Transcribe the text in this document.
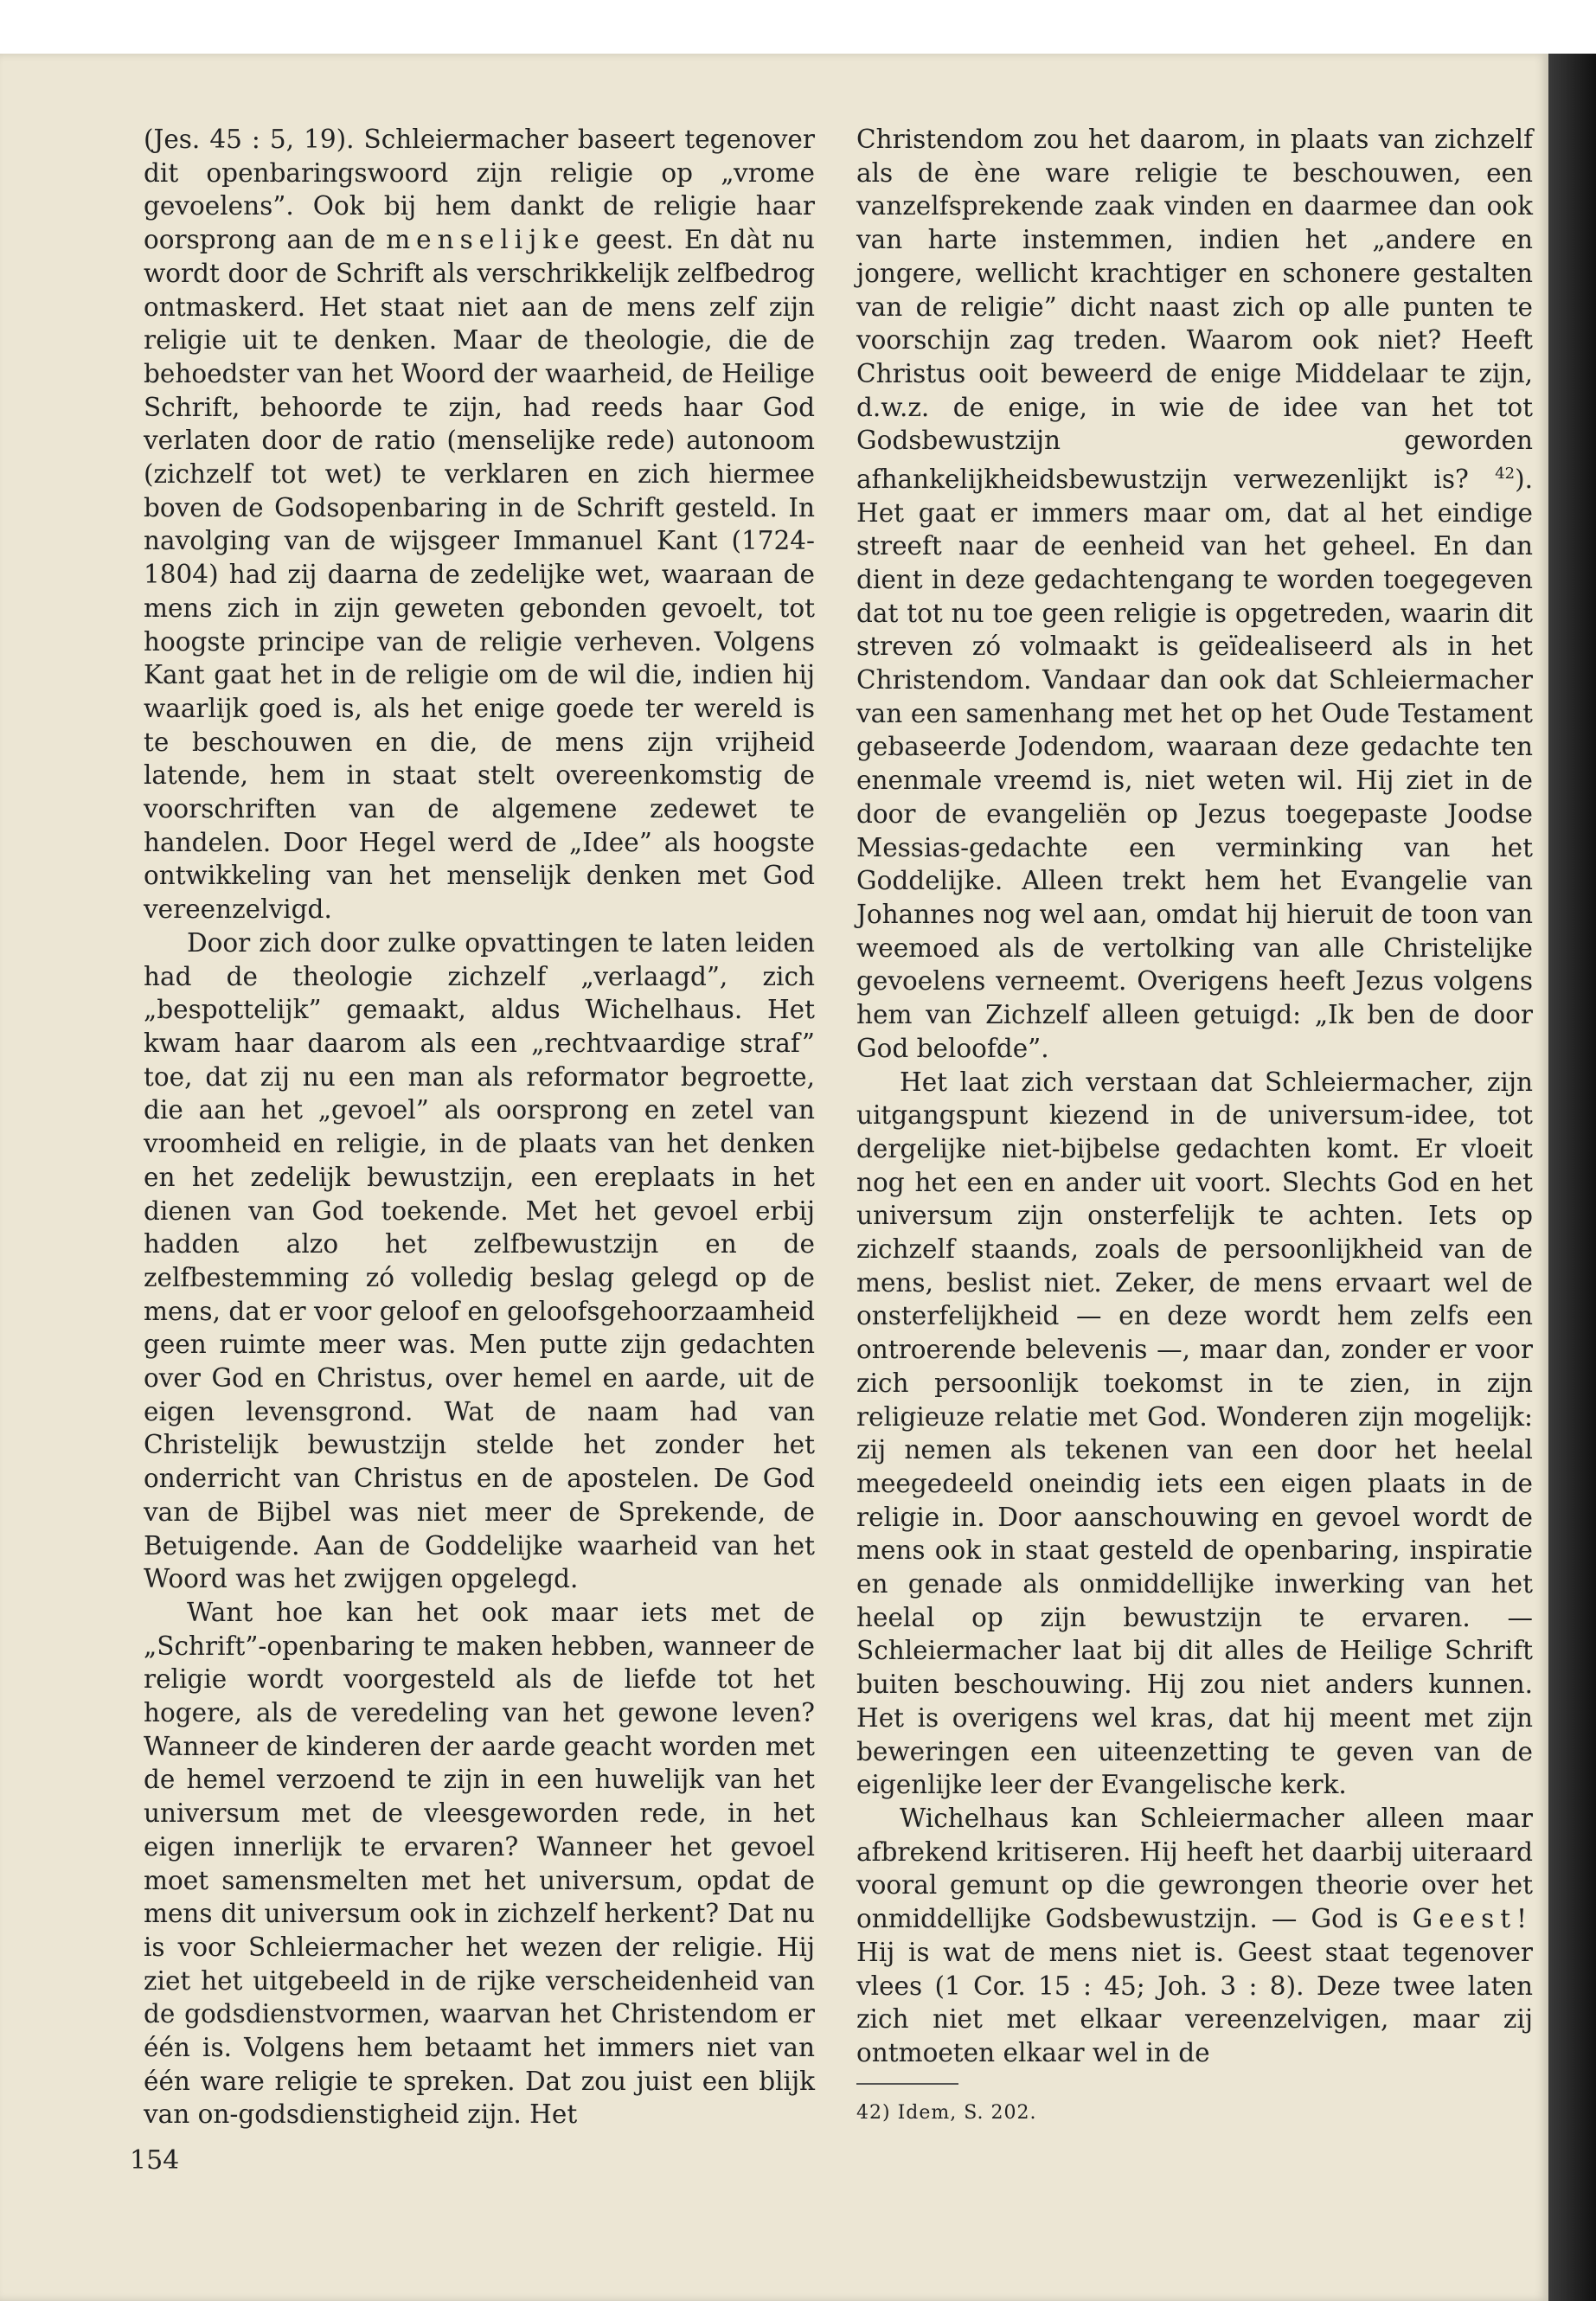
(Jes. 45 : 5, 19). Schleiermacher baseert tegenover dit openbaringswoord zijn religie op „vrome gevoelens”. Ook bij hem dankt de religie haar oorsprong aan de menselijke geest. En dàt nu wordt door de Schrift als verschrikkelijk zelfbedrog ontmaskerd. Het staat niet aan de mens zelf zijn religie uit te denken. Maar de theologie, die de behoedster van het Woord der waarheid, de Heilige Schrift, behoorde te zijn, had reeds haar God verlaten door de ratio (menselijke rede) autonoom (zichzelf tot wet) te verklaren en zich hiermee boven de Godsopenbaring in de Schrift gesteld. In navolging van de wijsgeer Immanuel Kant (1724-1804) had zij daarna de zedelijke wet, waaraan de mens zich in zijn geweten gebonden gevoelt, tot hoogste principe van de religie verheven. Volgens Kant gaat het in de religie om de wil die, indien hij waarlijk goed is, als het enige goede ter wereld is te beschouwen en die, de mens zijn vrijheid latende, hem in staat stelt overeenkomstig de voorschriften van de algemene zedewet te handelen. Door Hegel werd de „Idee” als hoogste ontwikkeling van het menselijk denken met God vereenzelvigd.

Door zich door zulke opvattingen te laten leiden had de theologie zichzelf „verlaagd”, zich „bespottelijk” gemaakt, aldus Wichelhaus. Het kwam haar daarom als een „rechtvaardige straf” toe, dat zij nu een man als reformator begroette, die aan het „gevoel” als oorsprong en zetel van vroomheid en religie, in de plaats van het denken en het zedelijk bewustzijn, een ereplaats in het dienen van God toekende. Met het gevoel erbij hadden alzo het zelfbewustzijn en de zelfbestemming zó volledig beslag gelegd op de mens, dat er voor geloof en geloofsgehoorzaamheid geen ruimte meer was. Men putte zijn gedachten over God en Christus, over hemel en aarde, uit de eigen levensgrond. Wat de naam had van Christelijk bewustzijn stelde het zonder het onderricht van Christus en de apostelen. De God van de Bijbel was niet meer de Sprekende, de Betuigende. Aan de Goddelijke waarheid van het Woord was het zwijgen opgelegd.

Want hoe kan het ook maar iets met de „Schrift”-openbaring te maken hebben, wanneer de religie wordt voorgesteld als de liefde tot het hogere, als de veredeling van het gewone leven? Wanneer de kinderen der aarde geacht worden met de hemel verzoend te zijn in een huwelijk van het universum met de vleesgeworden rede, in het eigen innerlijk te ervaren? Wanneer het gevoel moet samensmelten met het universum, opdat de mens dit universum ook in zichzelf herkent? Dat nu is voor Schleiermacher het wezen der religie. Hij ziet het uitgebeeld in de rijke verscheidenheid van de godsdienstvormen, waarvan het Christendom er één is. Volgens hem betaamt het immers niet van één ware religie te spreken. Dat zou juist een blijk van on-godsdienstigheid zijn. Het

Christendom zou het daarom, in plaats van zichzelf als de ène ware religie te beschouwen, een vanzelfsprekende zaak vinden en daarmee dan ook van harte instemmen, indien het „andere en jongere, wellicht krachtiger en schonere gestalten van de religie” dicht naast zich op alle punten te voorschijn zag treden. Waarom ook niet? Heeft Christus ooit beweerd de enige Middelaar te zijn, d.w.z. de enige, in wie de idee van het tot Godsbewustzijn geworden afhankelijkheidsbewustzijn verwezenlijkt is? $^{42}$). Het gaat er immers maar om, dat al het eindige streeft naar de eenheid van het geheel. En dan dient in deze gedachtengang te worden toegegeven dat tot nu toe geen religie is opgetreden, waarin dit streven zó volmaakt is geïdealiseerd als in het Christendom. Vandaar dan ook dat Schleiermacher van een samenhang met het op het Oude Testament gebaseerde Jodendom, waaraan deze gedachte ten enenmale vreemd is, niet weten wil. Hij ziet in de door de evangeliën op Jezus toegepaste Joodse Messias-gedachte een verminking van het Goddelijke. Alleen trekt hem het Evangelie van Johannes nog wel aan, omdat hij hieruit de toon van weemoed als de vertolking van alle Christelijke gevoelens verneemt. Overigens heeft Jezus volgens hem van Zichzelf alleen getuigd: „Ik ben de door God beloofde”.

Het laat zich verstaan dat Schleiermacher, zijn uitgangspunt kiezend in de universum-idee, tot dergelijke niet-bijbelse gedachten komt. Er vloeit nog het een en ander uit voort. Slechts God en het universum zijn onsterfelijk te achten. Iets op zichzelf staands, zoals de persoonlijkheid van de mens, beslist niet. Zeker, de mens ervaart wel de onsterfelijkheid — en deze wordt hem zelfs een ontroerende belevenis —, maar dan, zonder er voor zich persoonlijk toekomst in te zien, in zijn religieuze relatie met God. Wonderen zijn mogelijk: zij nemen als tekenen van een door het heelal meegedeeld oneindig iets een eigen plaats in de religie in. Door aanschouwing en gevoel wordt de mens ook in staat gesteld de openbaring, inspiratie en genade als onmiddellijke inwerking van het heelal op zijn bewustzijn te ervaren. — Schleiermacher laat bij dit alles de Heilige Schrift buiten beschouwing. Hij zou niet anders kunnen. Het is overigens wel kras, dat hij meent met zijn beweringen een uiteenzetting te geven van de eigenlijke leer der Evangelische kerk.

Wichelhaus kan Schleiermacher alleen maar afbrekend kritiseren. Hij heeft het daarbij uiteraard vooral gemunt op die gewrongen theorie over het onmiddellijke Godsbewustzijn. — God is Geest! Hij is wat de mens niet is. Geest staat tegenover vlees (1 Cor. 15 : 45; Joh. 3 : 8). Deze twee laten zich niet met elkaar vereenzelvigen, maar zij ontmoeten elkaar wel in de

154
42) Idem, S. 202.
